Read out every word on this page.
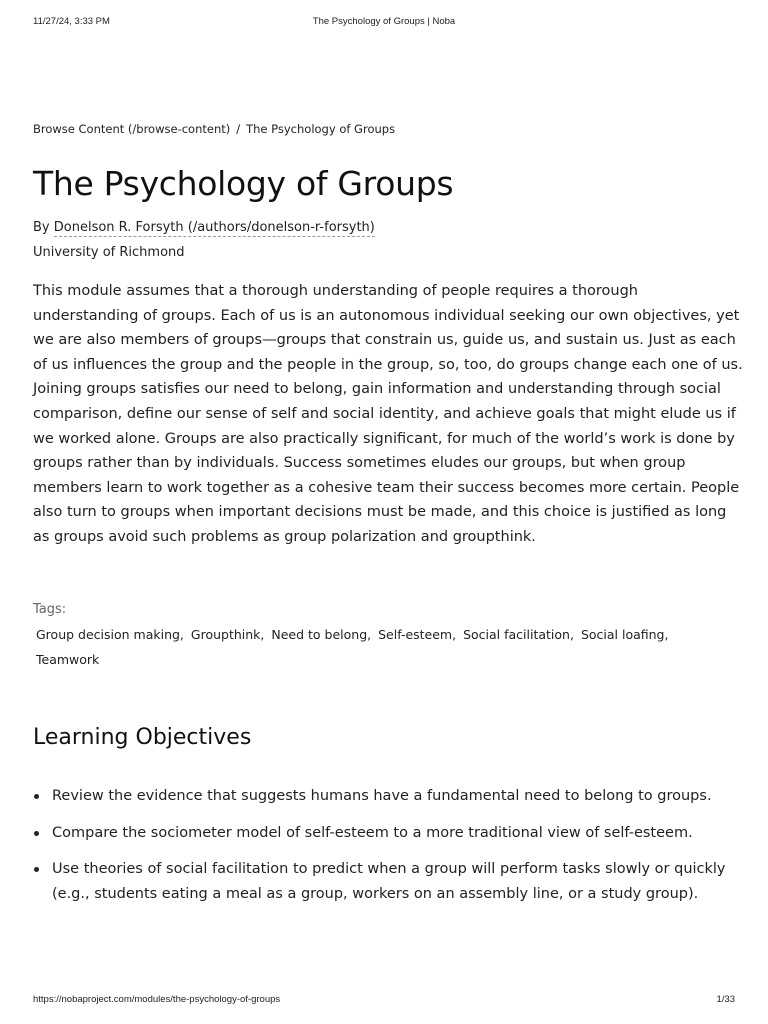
11/27/24, 3:33 PM	The Psychology of Groups | Noba
Browse Content (/browse-content) / The Psychology of Groups
The Psychology of Groups
By Donelson R. Forsyth (/authors/donelson-r-forsyth)
University of Richmond

This module assumes that a thorough understanding of people requires a thorough
understanding of groups. Each of us is an autonomous individual seeking our own objectives, yet
we are also members of groups—groups that constrain us, guide us, and sustain us. Just as each
of us influences the group and the people in the group, so, too, do groups change each one of us.
Joining groups satisfies our need to belong, gain information and understanding through social
comparison, define our sense of self and social identity, and achieve goals that might elude us if
we worked alone. Groups are also practically significant, for much of the world’s work is done by
groups rather than by individuals. Success sometimes eludes our groups, but when group
members learn to work together as a cohesive team their success becomes more certain. People
also turn to groups when important decisions must be made, and this choice is justified as long
as groups avoid such problems as group polarization and groupthink.

Tags:
Group decision making, Groupthink, Need to belong, Self-esteem, Social facilitation, Social loafing,
Teamwork
Learning Objectives
Review the evidence that suggests humans have a fundamental need to belong to groups.
Compare the sociometer model of self-esteem to a more traditional view of self-esteem.
Use theories of social facilitation to predict when a group will perform tasks slowly or quickly
(e.g., students eating a meal as a group, workers on an assembly line, or a study group).
https://nobaproject.com/modules/the-psychology-of-groups	1/33
